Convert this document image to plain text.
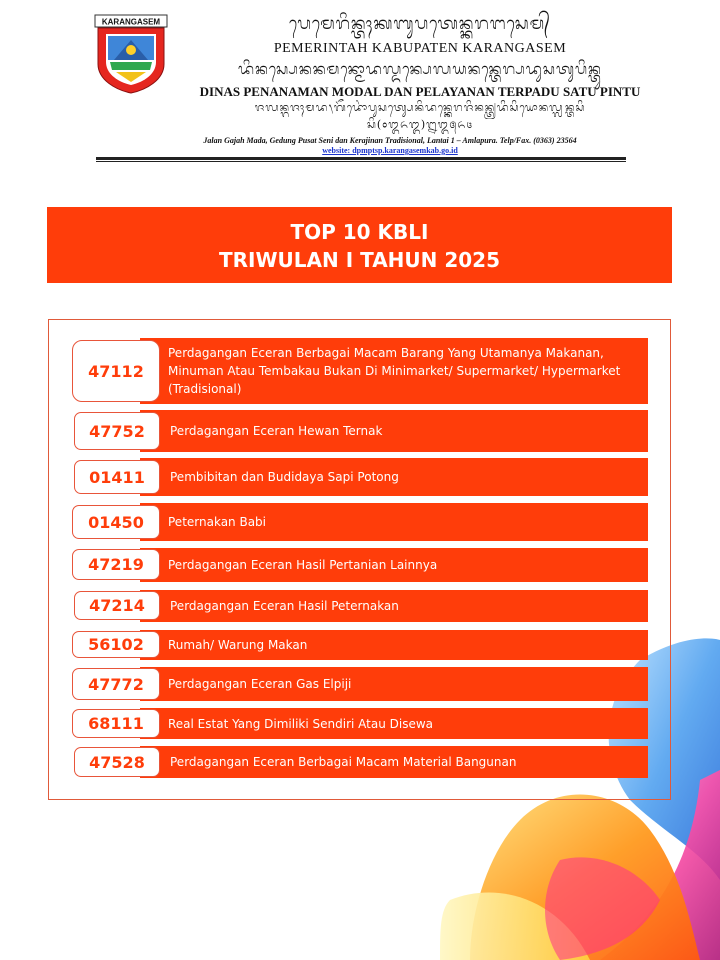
KARANGASEM	ᬧᬾᬫᬾᬭᬶᬦ᭄ᬢᬄᬓᬩᬸᬧᬢᬾᬦ᭄ᬓᬭᬗᬲᬾᬫ᭄
PEMERINTAH KABUPATEN KARANGASEM
ᬤᬶᬦᬲ᭄ᬧᬾᬦᬦᬫᬦ᭄ᬫᭀᬤᬮ᭄ᬤᬦ᭄ᬧᬾᬮᬬᬦᬦ᭄ᬢᬾᬭ᭄ᬧᬤᬸᬲᬢᬸᬧᬶᬦ᭄ᬢᬸ
DINAS PENANAMAN MODAL DAN PELAYANAN TERPADU SATU PINTU
ᬚᬮᬦ᭄ᬕᬚᬄᬫᬤ᭞ᬕᭂᬤᭀᬂᬧᬸᬲᬢ᭄ᬲᬾᬦᬶᬤᬦ᭄ᬓᬾᬭᬚᬶᬦᬦ᭄ᬢ᭄ᬭᬤᬶᬲᬶᬬᭀᬦᬮ᭄ᬮᬦ᭄ᬢᬲᬶ
ᬲᬶ(᭐᭓᭖᭓)᭒᭓᭕᭖᭔
Jalan Gajah Mada, Gedung Pusat Seni dan Kerajinan Tradisional, Lantai 1 – Amlapura. Telp/Fax. (0363) 23564
website: dpmptsp.karangasemkab.go.id
TOP 10 KBLI
TRIWULAN I TAHUN 2025
Perdagangan Eceran Berbagai Macam Barang Yang Utamanya Makanan, Minuman Atau Tembakau Bukan Di Minimarket/ Supermarket/ Hypermarket (Tradisional)
47112
Perdagangan Eceran Hewan Ternak
47752
Pembibitan dan Budidaya Sapi Potong
01411
Peternakan Babi
01450
Perdagangan Eceran Hasil Pertanian Lainnya
47219
Perdagangan Eceran Hasil Peternakan
47214
Rumah/ Warung Makan
56102
Perdagangan Eceran Gas Elpiji
47772
Real Estat Yang Dimiliki Sendiri Atau Disewa
68111
Perdagangan Eceran Berbagai Macam Material Bangunan
47528
